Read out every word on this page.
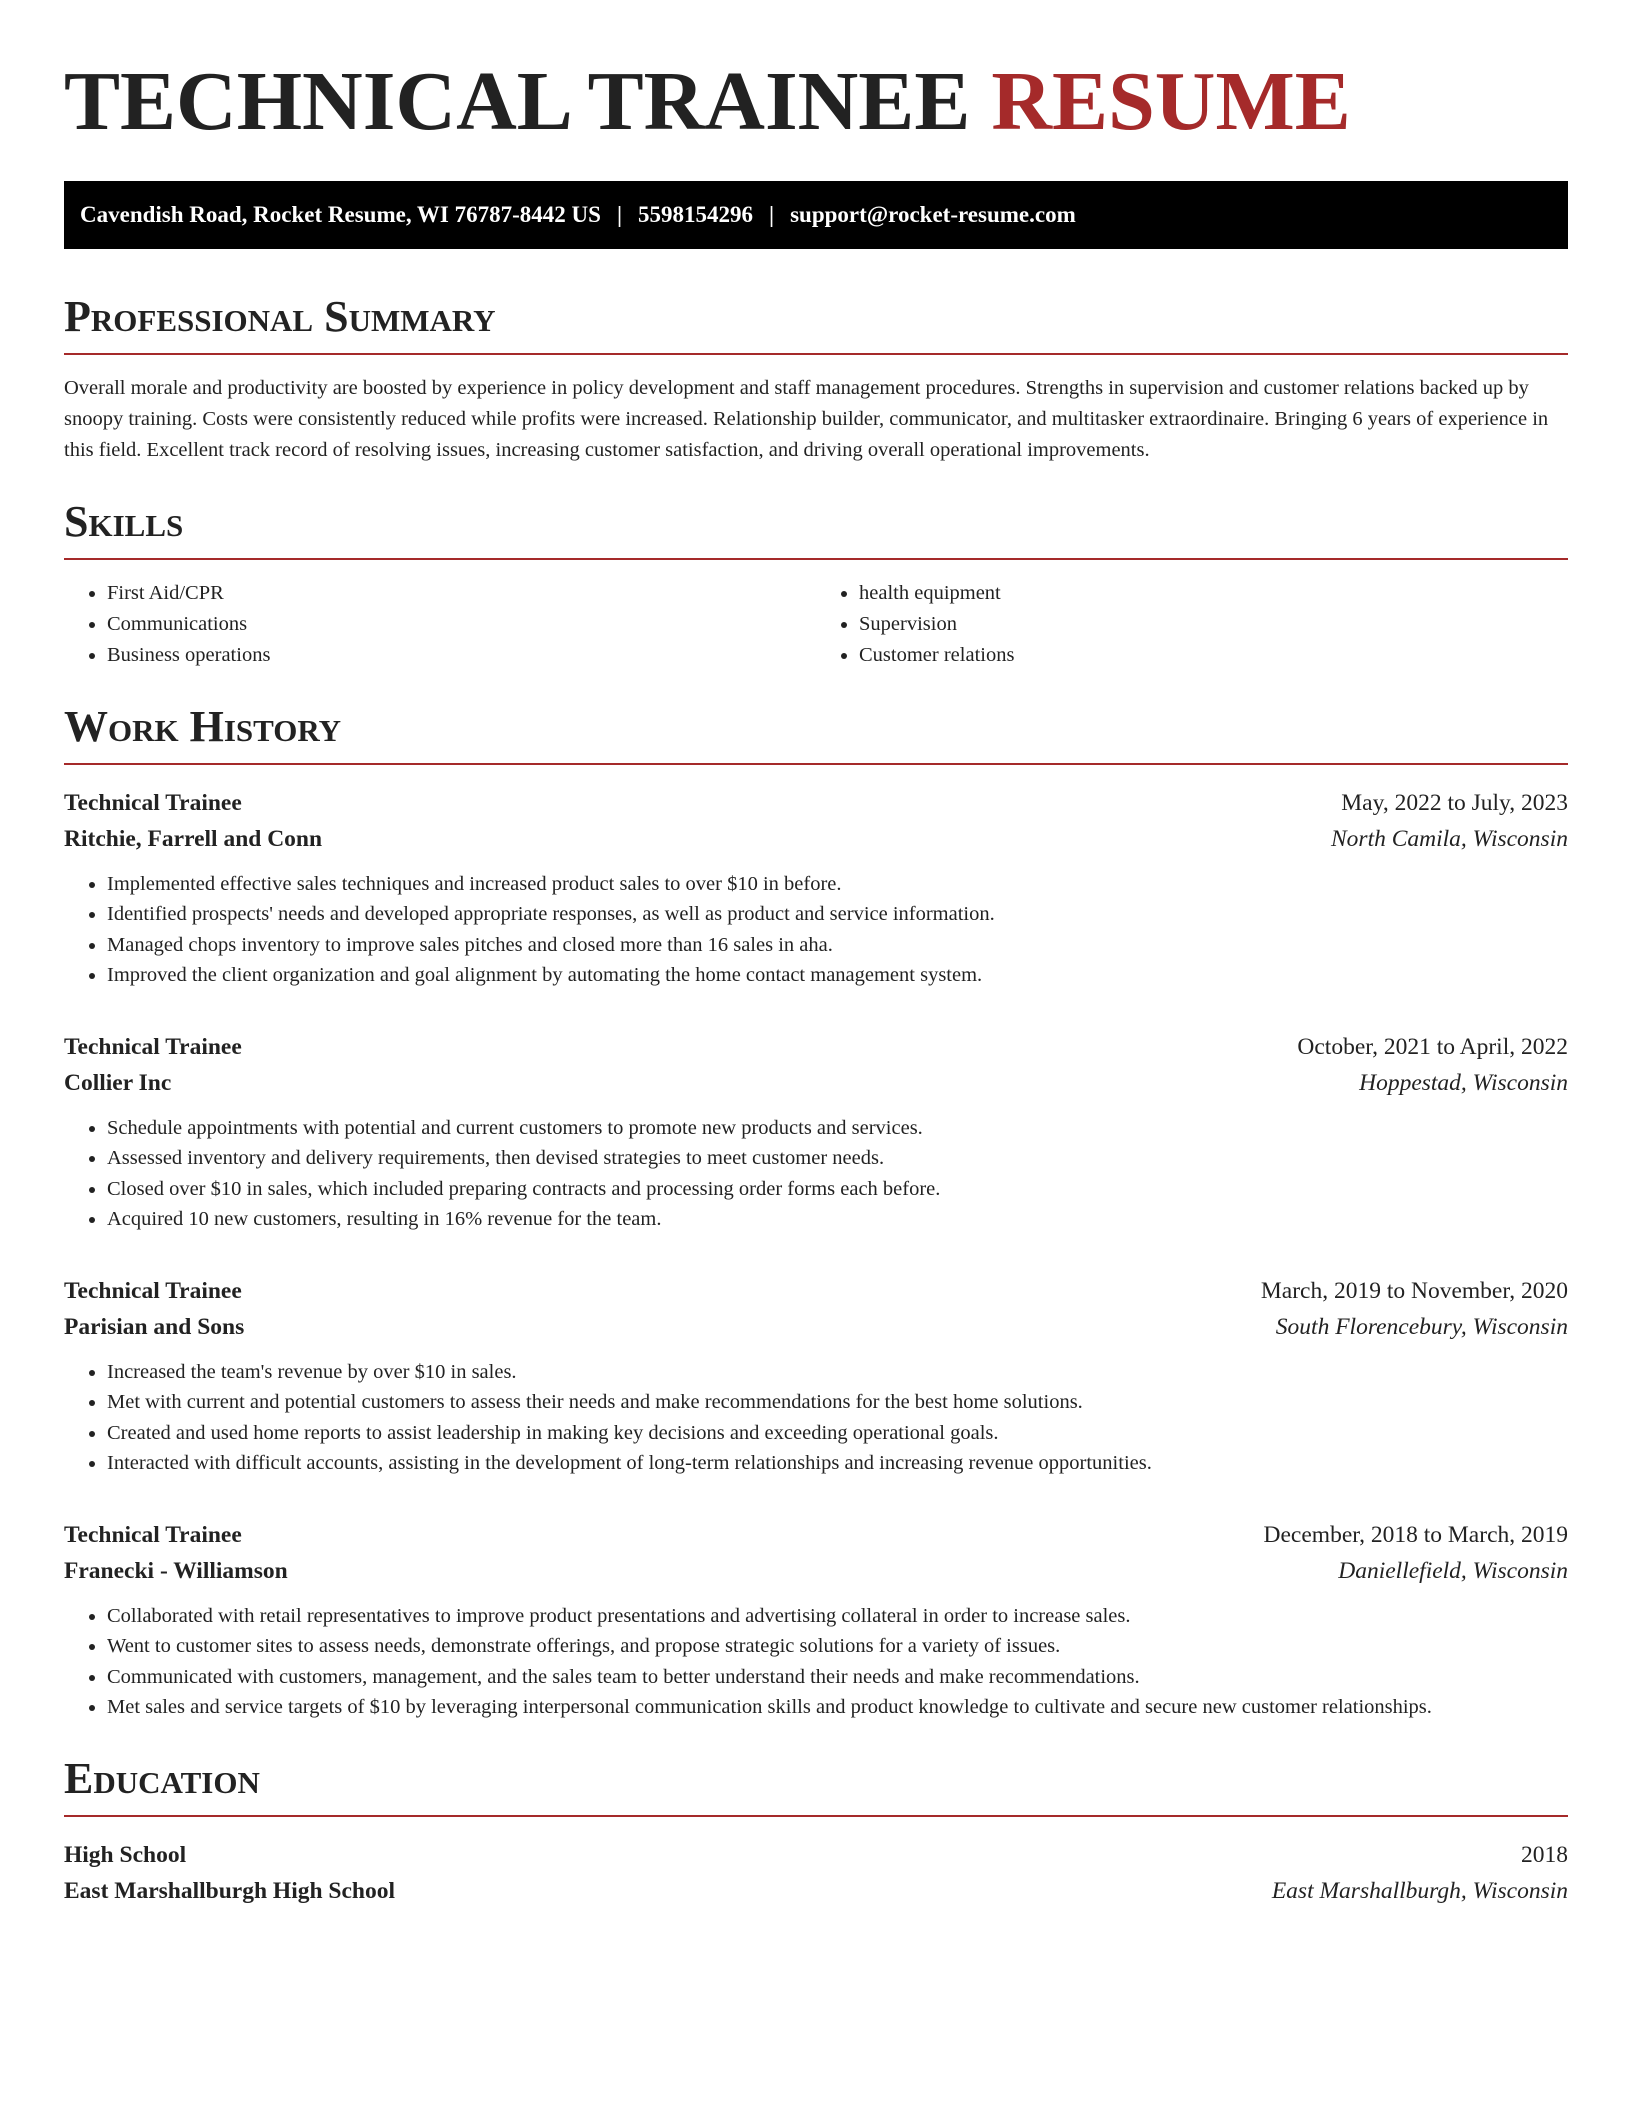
TECHNICAL TRAINEE RESUME
Cavendish Road, Rocket Resume, WI 76787-8442 US | 5598154296 | support@rocket-resume.com
Professional Summary

Overall morale and productivity are boosted by experience in policy development and staff management procedures. Strengths in supervision and customer relations backed up by snoopy training. Costs were consistently reduced while profits were increased. Relationship builder, communicator, and multitasker extraordinaire. Bringing 6 years of experience in this field. Excellent track record of resolving issues, increasing customer satisfaction, and driving overall operational improvements.

Skills
• First Aid/CPR
• Communications
• Business operations
• health equipment
• Supervision
• Customer relations
Work History
Technical Trainee	May, 2022 to July, 2023
Ritchie, Farrell and Conn	North Camila, Wisconsin
• Implemented effective sales techniques and increased product sales to over $10 in before.
• Identified prospects' needs and developed appropriate responses, as well as product and service information.
• Managed chops inventory to improve sales pitches and closed more than 16 sales in aha.
• Improved the client organization and goal alignment by automating the home contact management system.
Technical Trainee	October, 2021 to April, 2022
Collier Inc	Hoppestad, Wisconsin
• Schedule appointments with potential and current customers to promote new products and services.
• Assessed inventory and delivery requirements, then devised strategies to meet customer needs.
• Closed over $10 in sales, which included preparing contracts and processing order forms each before.
• Acquired 10 new customers, resulting in 16% revenue for the team.
Technical Trainee	March, 2019 to November, 2020
Parisian and Sons	South Florencebury, Wisconsin
• Increased the team's revenue by over $10 in sales.
• Met with current and potential customers to assess their needs and make recommendations for the best home solutions.
• Created and used home reports to assist leadership in making key decisions and exceeding operational goals.
• Interacted with difficult accounts, assisting in the development of long-term relationships and increasing revenue opportunities.
Technical Trainee	December, 2018 to March, 2019
Franecki - Williamson	Daniellefield, Wisconsin
• Collaborated with retail representatives to improve product presentations and advertising collateral in order to increase sales.
• Went to customer sites to assess needs, demonstrate offerings, and propose strategic solutions for a variety of issues.
• Communicated with customers, management, and the sales team to better understand their needs and make recommendations.
• Met sales and service targets of $10 by leveraging interpersonal communication skills and product knowledge to cultivate and secure new customer relationships.
Education
High School	2018
East Marshallburgh High School	East Marshallburgh, Wisconsin
